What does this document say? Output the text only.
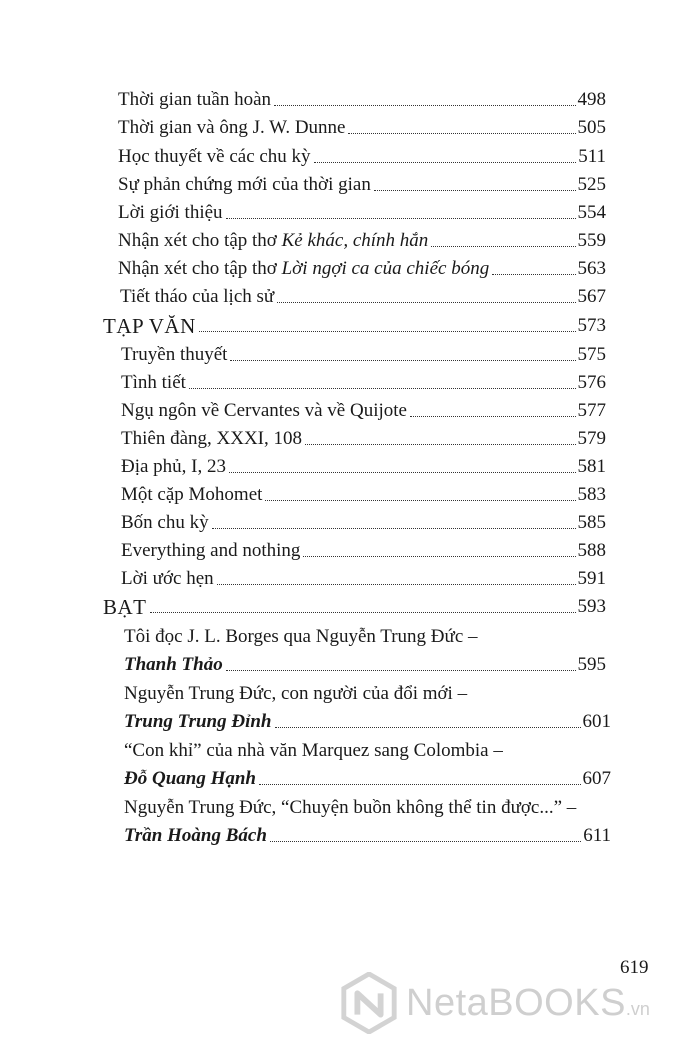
Thời gian tuần hoàn	498
Thời gian và ông J. W. Dunne	505
Học thuyết về các chu kỳ	511
Sự phản chứng mới của thời gian	525
Lời giới thiệu	554
Nhận xét cho tập thơ Kẻ khác, chính hắn	559
Nhận xét cho tập thơ Lời ngợi ca của chiếc bóng	563
Tiết tháo của lịch sử	567
TẠP VĂN	573
Truyền thuyết	575
Tình tiết	576
Ngụ ngôn về Cervantes và về Quijote	577
Thiên đàng, XXXI, 108	579
Địa phủ, I, 23	581
Một cặp Mohomet	583
Bốn chu kỳ	585
Everything and nothing	588
Lời ước hẹn	591
BẠT	593
Tôi đọc J. L. Borges qua Nguyễn Trung Đức –
Thanh Thảo	595
Nguyễn Trung Đức, con người của đổi mới –
Trung Trung Đỉnh	601
“Con khỉ” của nhà văn Marquez sang Colombia –
Đỗ Quang Hạnh	607
Nguyễn Trung Đức, “Chuyện buồn không thể tin được...” –
Trần Hoàng Bách	611
619
NetaBOOKS .vn
